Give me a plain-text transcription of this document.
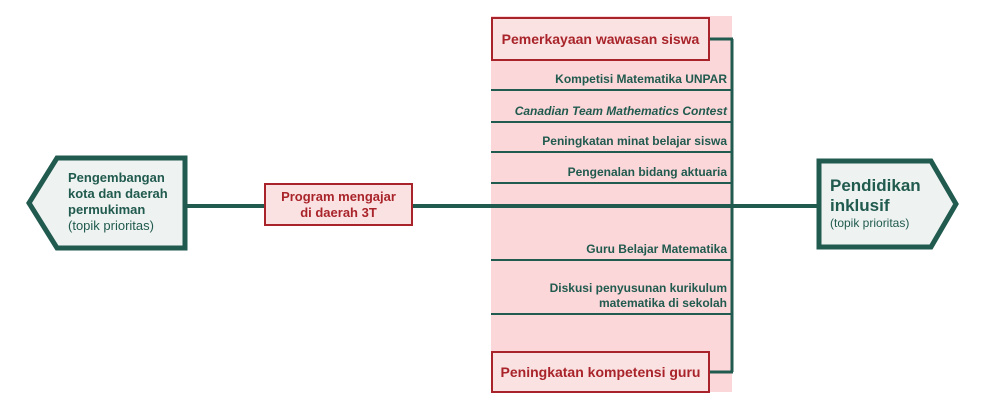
Pengembangan
kota dan daerah
permukiman
(topik prioritas)
Pendidikan
inklusif
(topik prioritas)
Program mengajar
di daerah 3T
Pemerkayaan wawasan siswa
Peningkatan kompetensi guru
Kompetisi Matematika UNPAR
Canadian Team Mathematics Contest
Peningkatan minat belajar siswa
Pengenalan bidang aktuaria
Guru Belajar Matematika
Diskusi penyusunan kurikulum
matematika di sekolah
